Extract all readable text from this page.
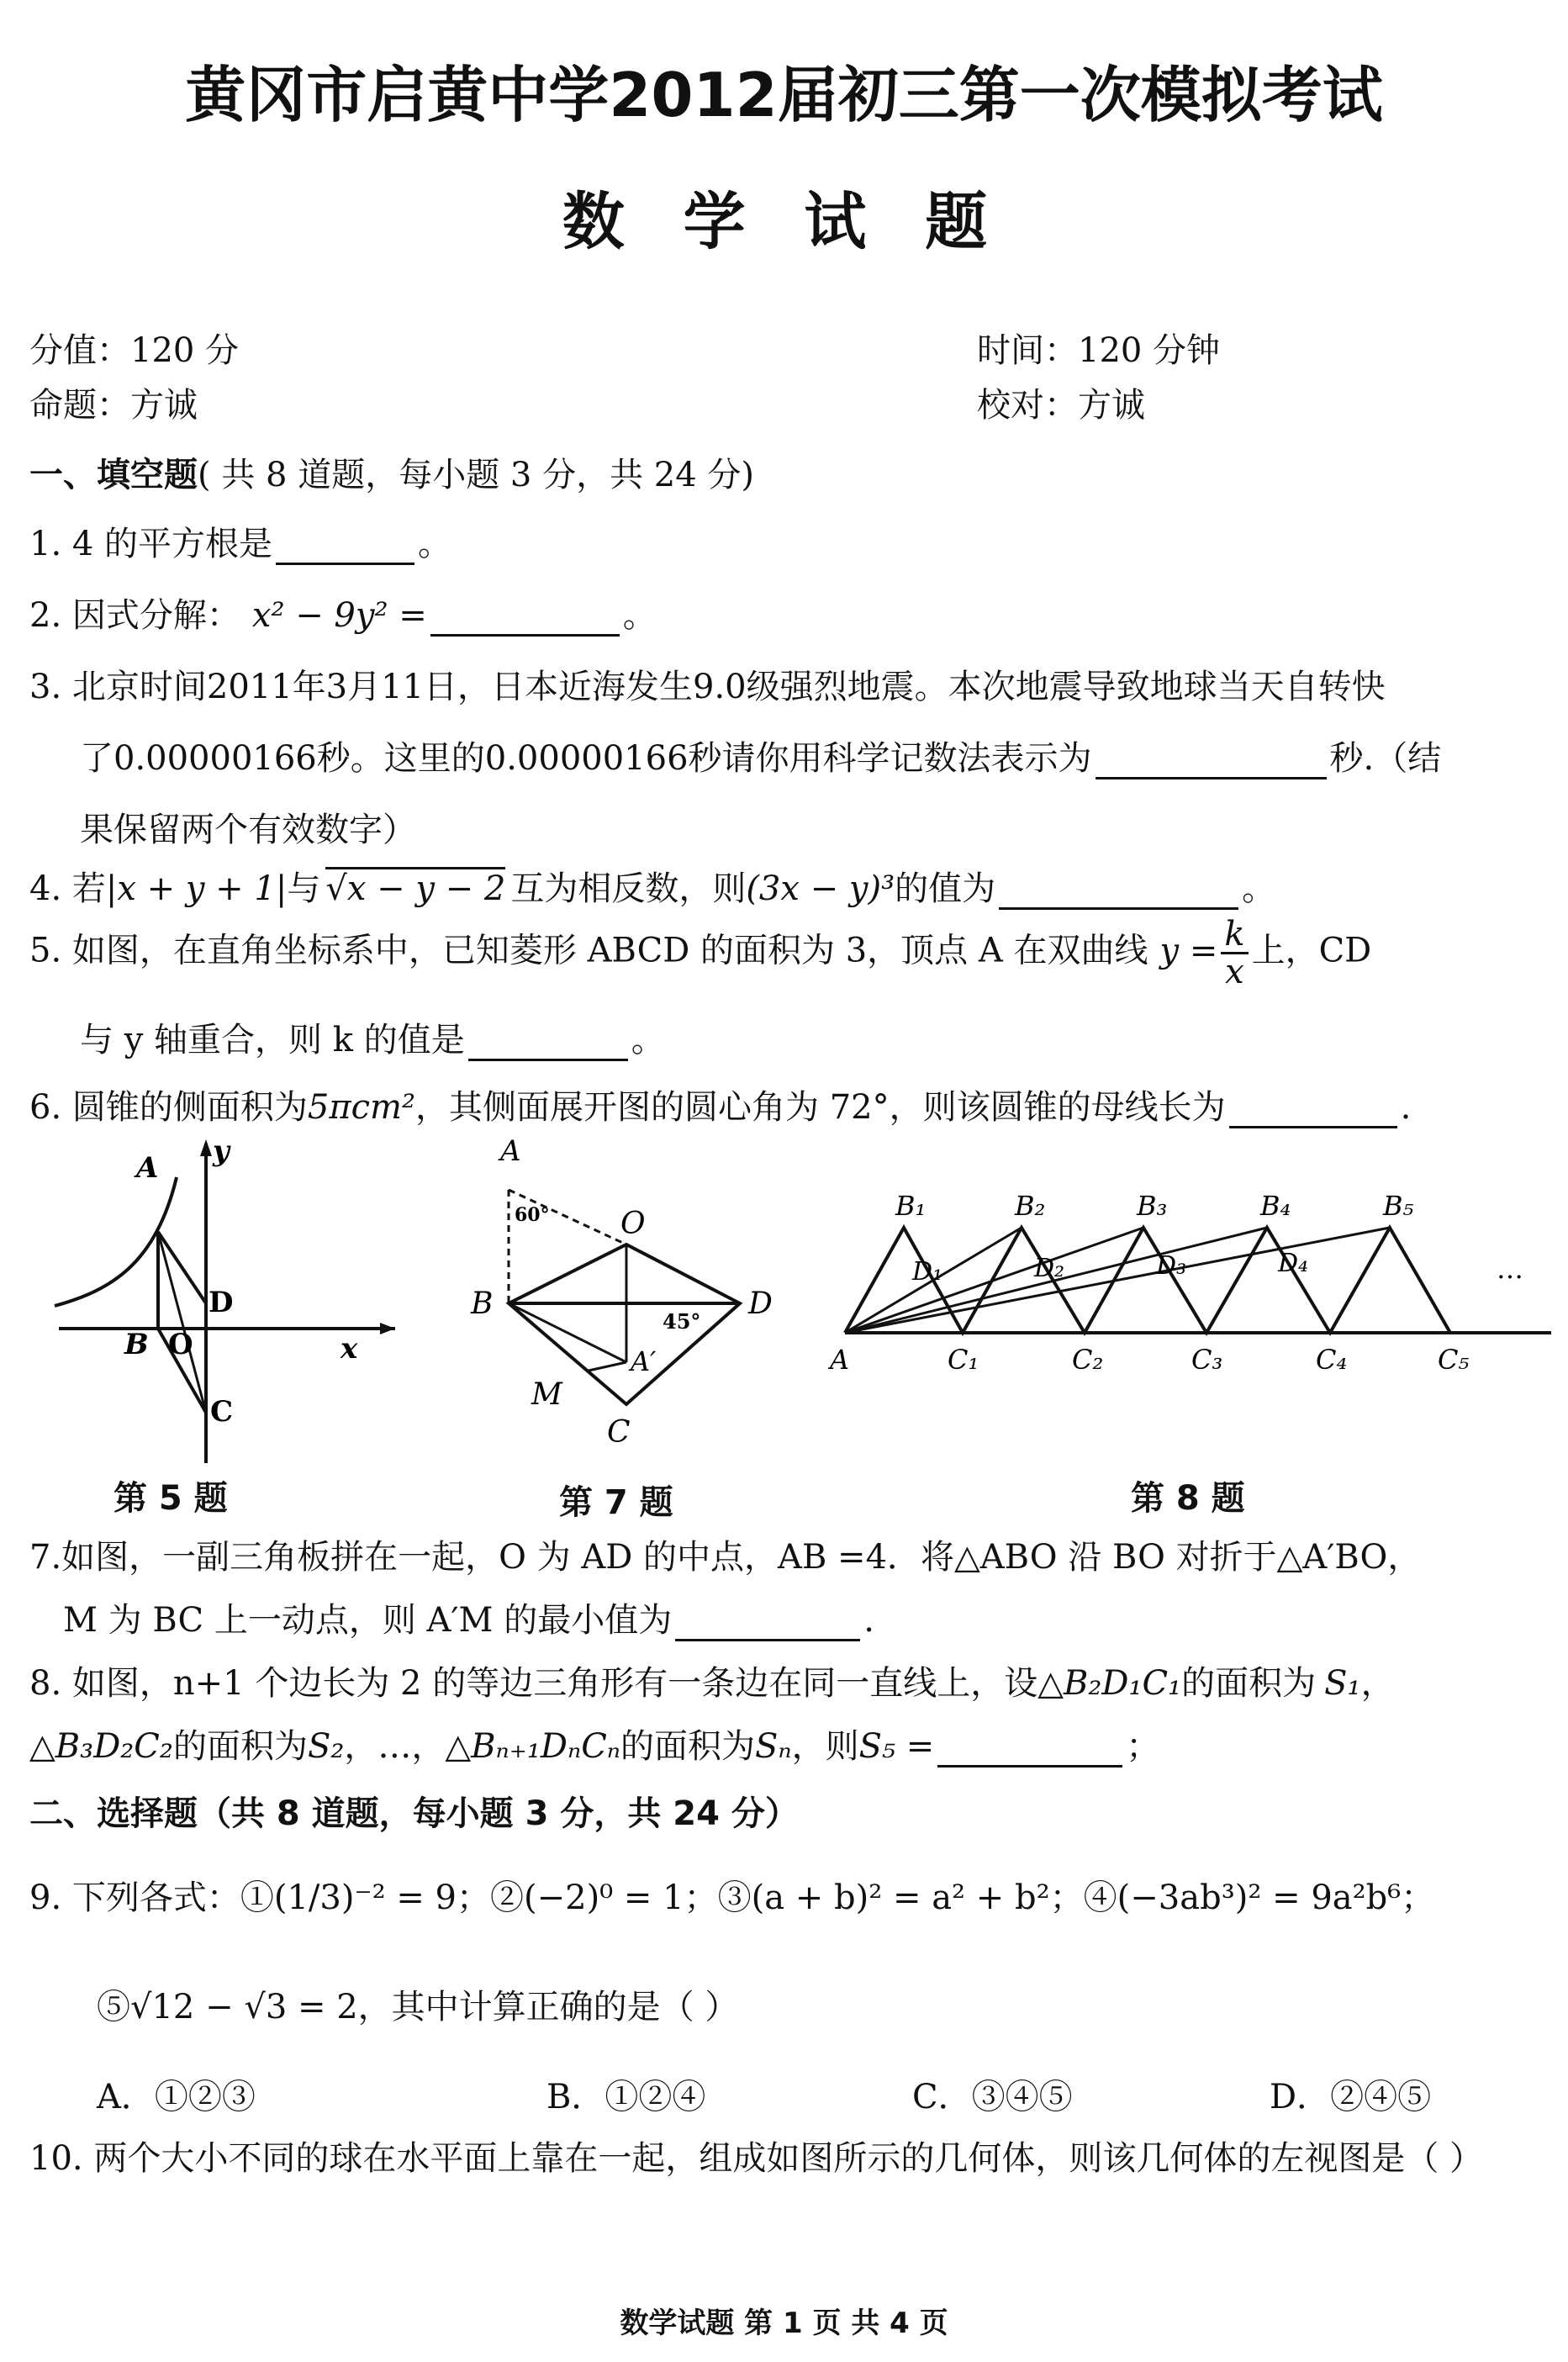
黄冈市启黄中学2012届初三第一次模拟考试
数 学 试 题
分值：120 分	时间：120 分钟
命题：方诚	校对：方诚
一、填空题( 共 8 道题，每小题 3 分，共 24 分)
1. 4 的平方根是	。
2. 因式分解： x² − 9y² =	。
3. 北京时间2011年3月11日，日本近海发生9.0级强烈地震。本次地震导致地球当天自转快
了0.00000166秒。这里的0.00000166秒请你用科学记数法表示为	秒.（结
果保留两个有效数字）
4. 若|x + y + 1|与 √x − y − 2 互为相反数，则(3x − y)³的值为	。
5. 如图，在直角坐标系中，已知菱形 ABCD 的面积为 3，顶点 A 在双曲线 $y = \frac{k}{x}$ 上，CD
与 y 轴重合，则 k 的值是	。
6. 圆锥的侧面积为5πcm²，其侧面展开图的圆心角为 72°，则该圆锥的母线长为	.
A y
D
B O	x
C
第 5 题
A
60° O
B	D
45°
A′
M
C
第 7 题
B₁	B₂	B₃	B₄	B₅
D₁	D₂	D₃	D₄
A	C₁	C₂	C₃	C₄	C₅
…
第 8 题
7.如图，一副三角板拼在一起，O 为 AD 的中点，AB =4．将△ABO 沿 BO 对折于△A′BO，
M 为 BC 上一动点，则 A′M 的最小值为	.
8. 如图，n+1 个边长为 2 的等边三角形有一条边在同一直线上，设△B₂D₁C₁的面积为 S₁，
△B₃D₂C₂的面积为S₂，…，△Bₙ₊₁DₙCₙ的面积为Sₙ，则S₅ =	；
二、选择题（共 8 道题，每小题 3 分，共 24 分）
9. 下列各式：①(1/3)⁻² = 9；②(−2)⁰ = 1；③(a + b)² = a² + b²；④(−3ab³)² = 9a²b⁶；
⑤√12 − √3 = 2，其中计算正确的是（ ）
A．①②③	B．①②④	C．③④⑤	D．②④⑤
10. 两个大小不同的球在水平面上靠在一起，组成如图所示的几何体，则该几何体的左视图是（ ）
数学试题 第 1 页 共 4 页
